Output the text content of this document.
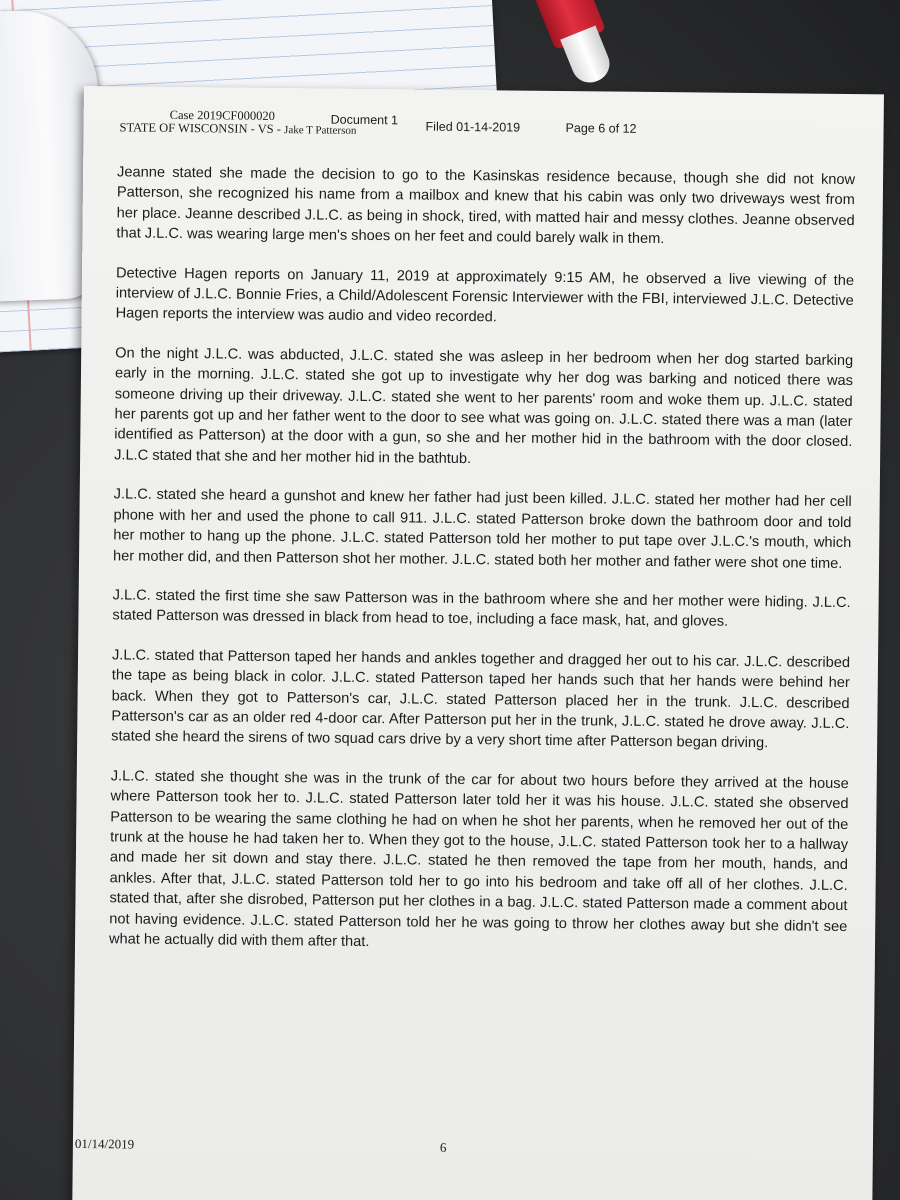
Case 2019CF000020
STATE OF WISCONSIN - VS - Jake T Patterson
Document 1 Filed 01-14-2019	Page 6 of 12

Jeanne stated she made the decision to go to the Kasinskas residence because, though she did not know Patterson, she recognized his name from a mailbox and knew that his cabin was only two driveways west from her place. Jeanne described J.L.C. as being in shock, tired, with matted hair and messy clothes. Jeanne observed that J.L.C. was wearing large men's shoes on her feet and could barely walk in them.

Detective Hagen reports on January 11, 2019 at approximately 9:15 AM, he observed a live viewing of the interview of J.L.C. Bonnie Fries, a Child/Adolescent Forensic Interviewer with the FBI, interviewed J.L.C. Detective Hagen reports the interview was audio and video recorded.

On the night J.L.C. was abducted, J.L.C. stated she was asleep in her bedroom when her dog started barking early in the morning. J.L.C. stated she got up to investigate why her dog was barking and noticed there was someone driving up their driveway. J.L.C. stated she went to her parents' room and woke them up. J.L.C. stated her parents got up and her father went to the door to see what was going on. J.L.C. stated there was a man (later identified as Patterson) at the door with a gun, so she and her mother hid in the bathroom with the door closed. J.L.C stated that she and her mother hid in the bathtub.

J.L.C. stated she heard a gunshot and knew her father had just been killed. J.L.C. stated her mother had her cell phone with her and used the phone to call 911. J.L.C. stated Patterson broke down the bathroom door and told her mother to hang up the phone. J.L.C. stated Patterson told her mother to put tape over J.L.C.'s mouth, which her mother did, and then Patterson shot her mother. J.L.C. stated both her mother and father were shot one time.

J.L.C. stated the first time she saw Patterson was in the bathroom where she and her mother were hiding. J.L.C. stated Patterson was dressed in black from head to toe, including a face mask, hat, and gloves.

J.L.C. stated that Patterson taped her hands and ankles together and dragged her out to his car. J.L.C. described the tape as being black in color. J.L.C. stated Patterson taped her hands such that her hands were behind her back. When they got to Patterson's car, J.L.C. stated Patterson placed her in the trunk. J.L.C. described Patterson's car as an older red 4-door car. After Patterson put her in the trunk, J.L.C. stated he drove away. J.L.C. stated she heard the sirens of two squad cars drive by a very short time after Patterson began driving.

J.L.C. stated she thought she was in the trunk of the car for about two hours before they arrived at the house where Patterson took her to. J.L.C. stated Patterson later told her it was his house. J.L.C. stated she observed Patterson to be wearing the same clothing he had on when he shot her parents, when he removed her out of the trunk at the house he had taken her to. When they got to the house, J.L.C. stated Patterson took her to a hallway and made her sit down and stay there. J.L.C. stated he then removed the tape from her mouth, hands, and ankles. After that, J.L.C. stated Patterson told her to go into his bedroom and take off all of her clothes. J.L.C. stated that, after she disrobed, Patterson put her clothes in a bag. J.L.C. stated Patterson made a comment about not having evidence. J.L.C. stated Patterson told her he was going to throw her clothes away but she didn't see what he actually did with them after that.

01/14/2019	6
